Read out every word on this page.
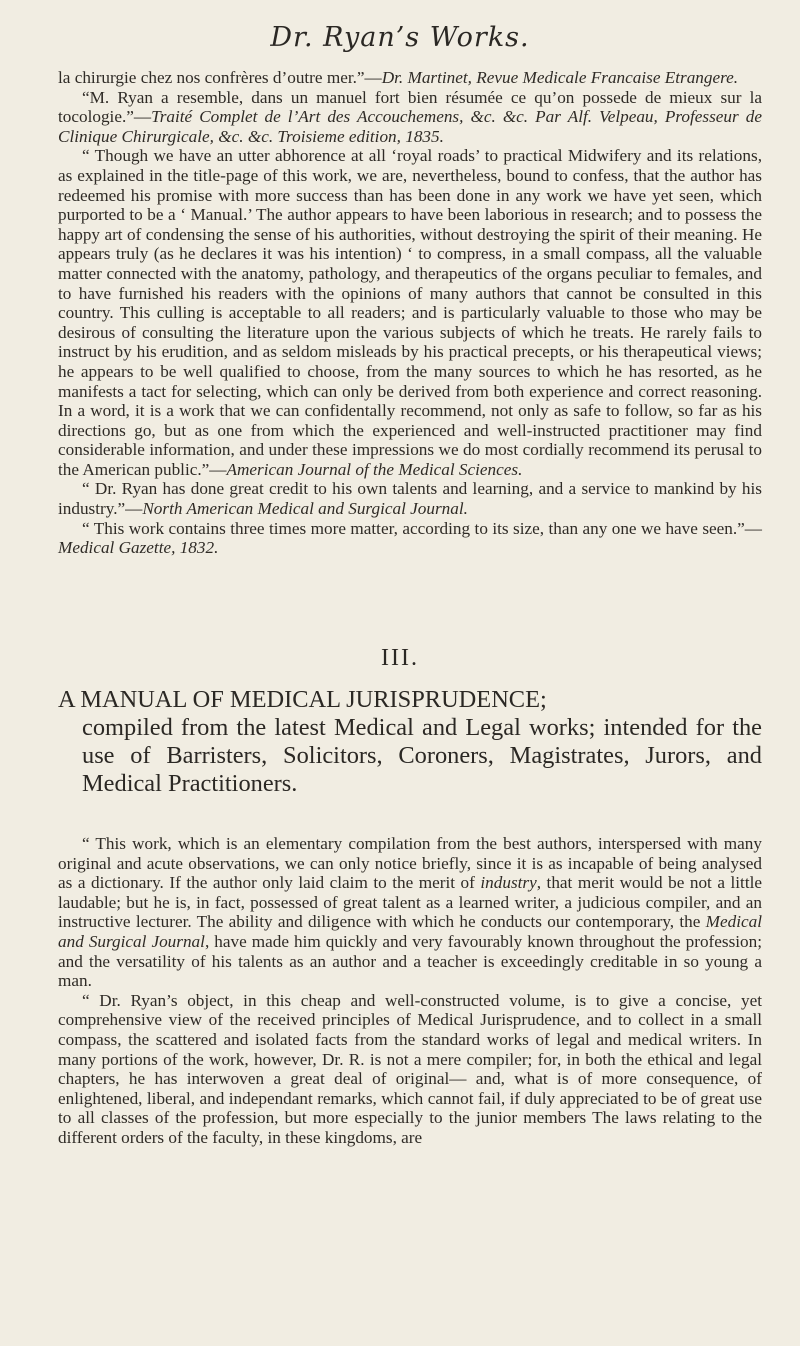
Dr. Ryan’s Works.

la chirurgie chez nos confrères d’outre mer.”—Dr. Martinet, Revue Medicale Francaise Etrangere.

“M. Ryan a resemble, dans un manuel fort bien résumée ce qu’on possede de mieux sur la tocologie.”—Traité Complet de l’Art des Accouchemens, &c. &c. Par Alf. Velpeau, Professeur de Clinique Chirurgicale, &c. &c. Troisieme edition, 1835.

“ Though we have an utter abhorence at all ‘royal roads’ to practical Midwifery and its relations, as explained in the title-page of this work, we are, nevertheless, bound to confess, that the author has redeemed his promise with more success than has been done in any work we have yet seen, which purported to be a ‘ Manual.’ The author appears to have been laborious in research; and to possess the happy art of condensing the sense of his authorities, without destroying the spirit of their meaning. He appears truly (as he declares it was his intention) ‘ to compress, in a small compass, all the valuable matter connected with the anatomy, pathology, and therapeutics of the organs peculiar to females, and to have furnished his readers with the opinions of many authors that cannot be consulted in this country. This culling is acceptable to all readers; and is particularly valuable to those who may be desirous of consulting the literature upon the various subjects of which he treats. He rarely fails to instruct by his erudition, and as seldom misleads by his practical precepts, or his therapeutical views; he appears to be well qualified to choose, from the many sources to which he has resorted, as he manifests a tact for selecting, which can only be derived from both experience and correct reasoning. In a word, it is a work that we can confidentally recommend, not only as safe to follow, so far as his directions go, but as one from which the experienced and well-instructed practitioner may find considerable information, and under these impressions we do most cordially recommend its perusal to the American public.”—American Journal of the Medical Sciences.

“ Dr. Ryan has done great credit to his own talents and learning, and a service to mankind by his industry.”—North American Medical and Surgical Journal.

“ This work contains three times more matter, according to its size, than any one we have seen.”—Medical Gazette, 1832.

III.

A MANUAL OF MEDICAL JURISPRUDENCE;

compiled from the latest Medical and Legal works; intended for the use of Barristers, Solicitors, Coroners, Magistrates, Jurors, and Medical Practitioners.

“ This work, which is an elementary compilation from the best authors, interspersed with many original and acute observations, we can only notice briefly, since it is as incapable of being analysed as a dictionary. If the author only laid claim to the merit of industry, that merit would be not a little laudable; but he is, in fact, possessed of great talent as a learned writer, a judicious compiler, and an instructive lecturer. The ability and diligence with which he conducts our contemporary, the Medical and Surgical Journal, have made him quickly and very favourably known throughout the profession; and the versatility of his talents as an author and a teacher is exceedingly creditable in so young a man.

“ Dr. Ryan’s object, in this cheap and well-constructed volume, is to give a concise, yet comprehensive view of the received principles of Medical Jurisprudence, and to collect in a small compass, the scattered and isolated facts from the standard works of legal and medical writers. In many portions of the work, however, Dr. R. is not a mere compiler; for, in both the ethical and legal chapters, he has interwoven a great deal of original— and, what is of more consequence, of enlightened, liberal, and independant remarks, which cannot fail, if duly appreciated to be of great use to all classes of the profession, but more especially to the junior members The laws relating to the different orders of the faculty, in these kingdoms, are
